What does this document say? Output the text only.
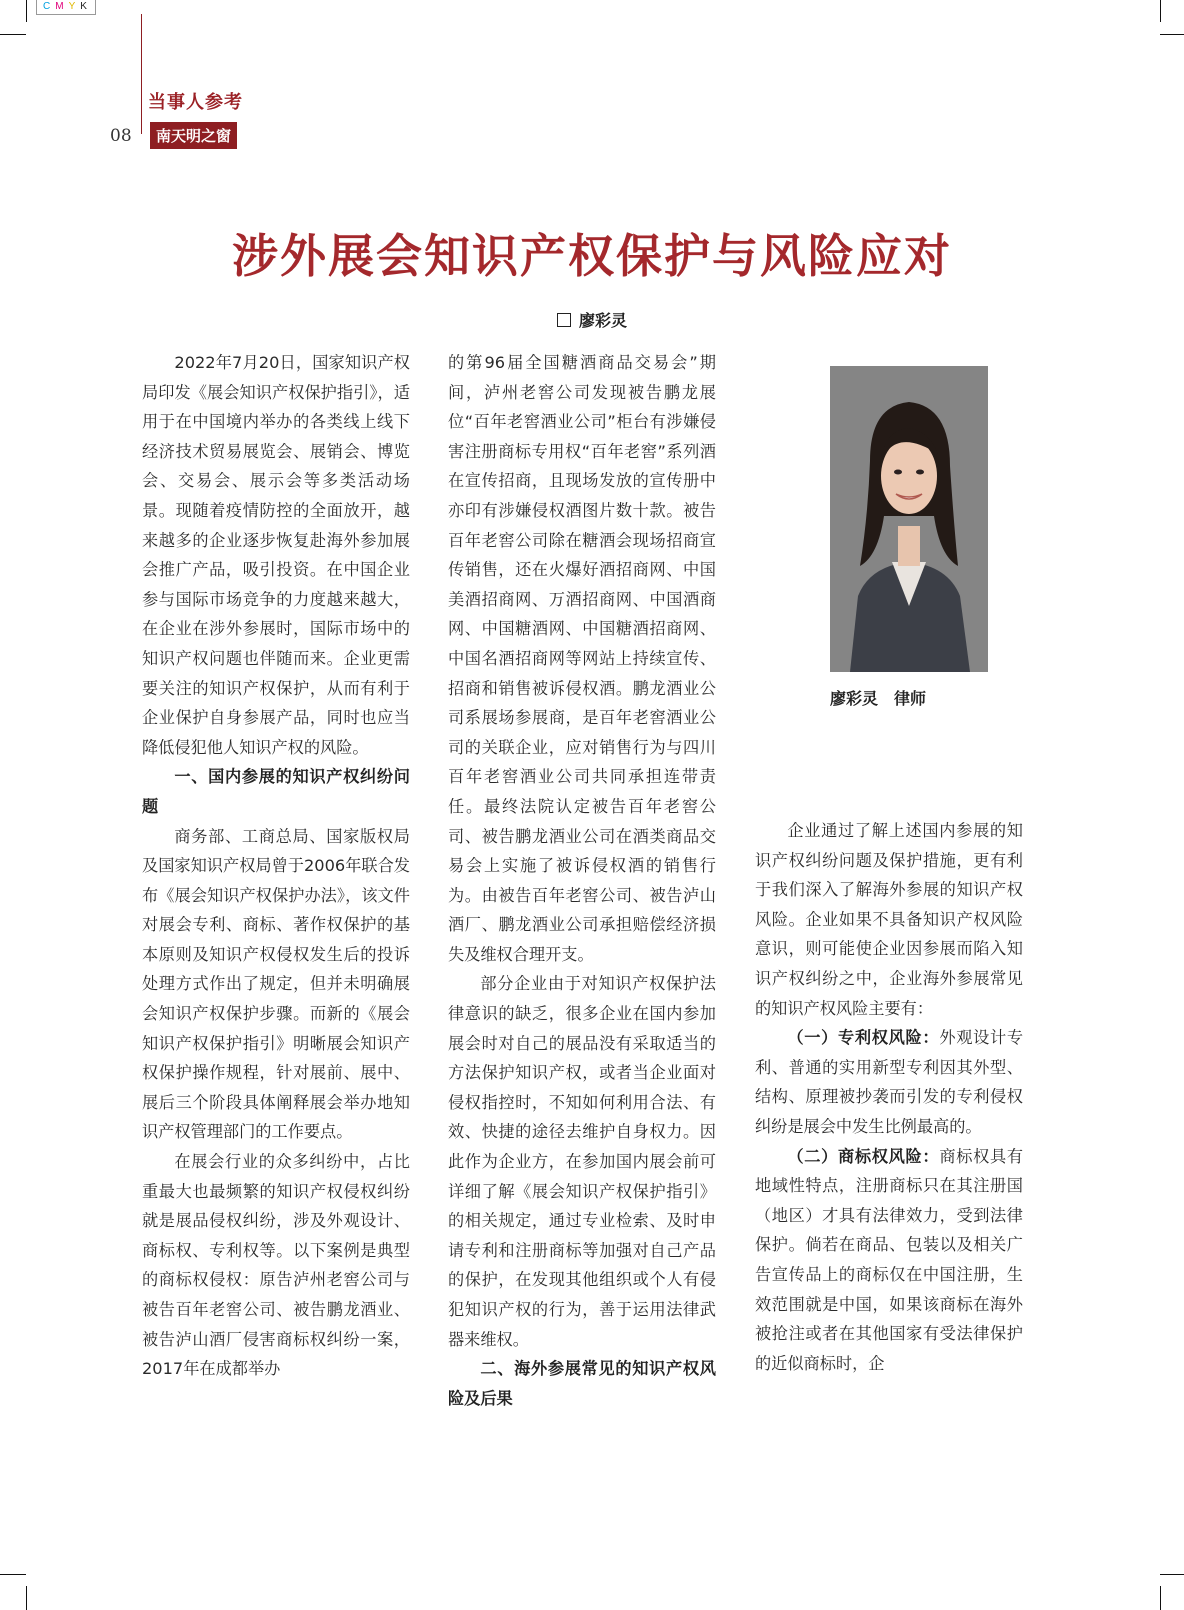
C M Y K
当事人参考
08	南天明之窗
涉外展会知识产权保护与风险应对
廖彩灵

2022年7月20日，国家知识产权局印发《展会知识产权保护指引》，适用于在中国境内举办的各类线上线下经济技术贸易展览会、展销会、博览会、交易会、展示会等多类活动场景。现随着疫情防控的全面放开，越来越多的企业逐步恢复赴海外参加展会推广产品，吸引投资。在中国企业参与国际市场竞争的力度越来越大，在企业在涉外参展时，国际市场中的知识产权问题也伴随而来。企业更需要关注的知识产权保护，从而有利于企业保护自身参展产品，同时也应当降低侵犯他人知识产权的风险。

一、国内参展的知识产权纠纷问题

商务部、工商总局、国家版权局及国家知识产权局曾于2006年联合发布《展会知识产权保护办法》，该文件对展会专利、商标、著作权保护的基本原则及知识产权侵权发生后的投诉处理方式作出了规定，但并未明确展会知识产权保护步骤。而新的《展会知识产权保护指引》明晰展会知识产权保护操作规程，针对展前、展中、展后三个阶段具体阐释展会举办地知识产权管理部门的工作要点。

在展会行业的众多纠纷中，占比重最大也最频繁的知识产权侵权纠纷就是展品侵权纠纷，涉及外观设计、商标权、专利权等。以下案例是典型的商标权侵权：原告泸州老窖公司与被告百年老窖公司、被告鹏龙酒业、被告泸山酒厂侵害商标权纠纷一案，2017年在成都举办

的第96届全国糖酒商品交易会”期间，泸州老窖公司发现被告鹏龙展位“百年老窖酒业公司”柜台有涉嫌侵害注册商标专用权“百年老窖”系列酒在宣传招商，且现场发放的宣传册中亦印有涉嫌侵权酒图片数十款。被告百年老窖公司除在糖酒会现场招商宣传销售，还在火爆好酒招商网、中国美酒招商网、万酒招商网、中国酒商网、中国糖酒网、中国糖酒招商网、中国名酒招商网等网站上持续宣传、招商和销售被诉侵权酒。鹏龙酒业公司系展场参展商，是百年老窖酒业公司的关联企业，应对销售行为与四川百年老窖酒业公司共同承担连带责任。最终法院认定被告百年老窖公司、被告鹏龙酒业公司在酒类商品交易会上实施了被诉侵权酒的销售行为。由被告百年老窖公司、被告泸山酒厂、鹏龙酒业公司承担赔偿经济损失及维权合理开支。

部分企业由于对知识产权保护法律意识的缺乏，很多企业在国内参加展会时对自己的展品没有采取适当的方法保护知识产权，或者当企业面对侵权指控时，不知如何利用合法、有效、快捷的途径去维护自身权力。因此作为企业方，在参加国内展会前可详细了解《展会知识产权保护指引》的相关规定，通过专业检索、及时申请专利和注册商标等加强对自己产品的保护，在发现其他组织或个人有侵犯知识产权的行为，善于运用法律武器来维权。

二、海外参展常见的知识产权风险及后果

廖彩灵　律师

企业通过了解上述国内参展的知识产权纠纷问题及保护措施，更有利于我们深入了解海外参展的知识产权风险。企业如果不具备知识产权风险意识，则可能使企业因参展而陷入知识产权纠纷之中，企业海外参展常见的知识产权风险主要有：

（一）专利权风险：外观设计专利、普通的实用新型专利因其外型、结构、原理被抄袭而引发的专利侵权纠纷是展会中发生比例最高的。

（二）商标权风险：商标权具有地域性特点，注册商标只在其注册国（地区）才具有法律效力，受到法律保护。倘若在商品、包装以及相关广告宣传品上的商标仅在中国注册，生效范围就是中国，如果该商标在海外被抢注或者在其他国家有受法律保护的近似商标时，企
